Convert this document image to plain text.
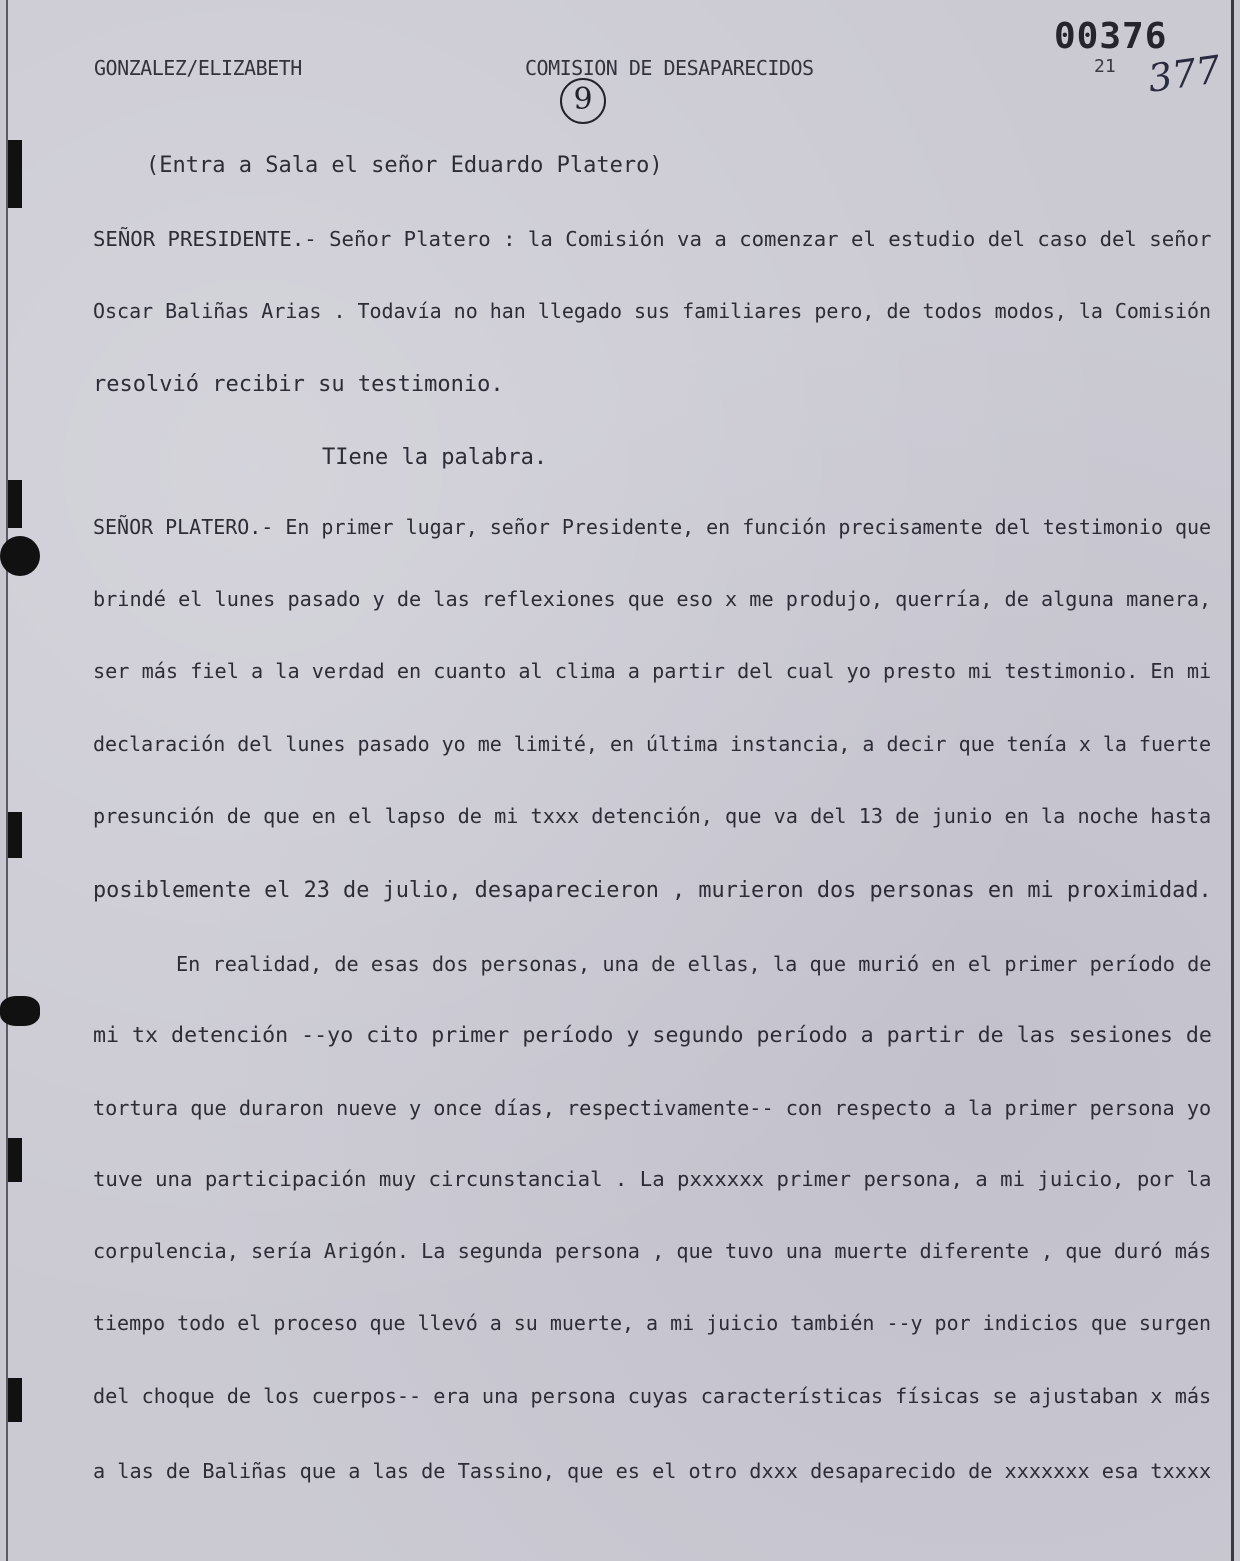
GONZALEZ/ELIZABETH	COMISION DE DESAPARECIDOS
00376
21 377
9
(Entra a Sala el señor Eduardo Platero)
SEÑOR PRESIDENTE.- Señor Platero : la Comisión va a comenzar el estudio del caso del señor
Oscar Baliñas Arias . Todavía no han llegado sus familiares pero, de todos modos, la Comisión
resolvió recibir su testimonio.
TIene la palabra.
SEÑOR PLATERO.- En primer lugar, señor Presidente, en función precisamente del testimonio que
brindé el lunes pasado y de las reflexiones que eso x me produjo, querría, de alguna manera,
ser más fiel a la verdad en cuanto al clima a partir del cual yo presto mi testimonio. En mi
declaración del lunes pasado yo me limité, en última instancia, a decir que tenía x la fuerte
presunción de que en el lapso de mi txxx detención, que va del 13 de junio en la noche hasta
posiblemente el 23 de julio, desaparecieron , murieron dos personas en mi proximidad.
En realidad, de esas dos personas, una de ellas, la que murió en el primer período de
mi tx detención --yo cito primer período y segundo período a partir de las sesiones de
tortura que duraron nueve y once días, respectivamente-- con respecto a la primer persona yo
tuve una participación muy circunstancial . La pxxxxxx primer persona, a mi juicio, por la
corpulencia, sería Arigón. La segunda persona , que tuvo una muerte diferente , que duró más
tiempo todo el proceso que llevó a su muerte, a mi juicio también --y por indicios que surgen
del choque de los cuerpos-- era una persona cuyas características físicas se ajustaban x más
a las de Baliñas que a las de Tassino, que es el otro dxxx desaparecido de xxxxxxx esa txxxx
